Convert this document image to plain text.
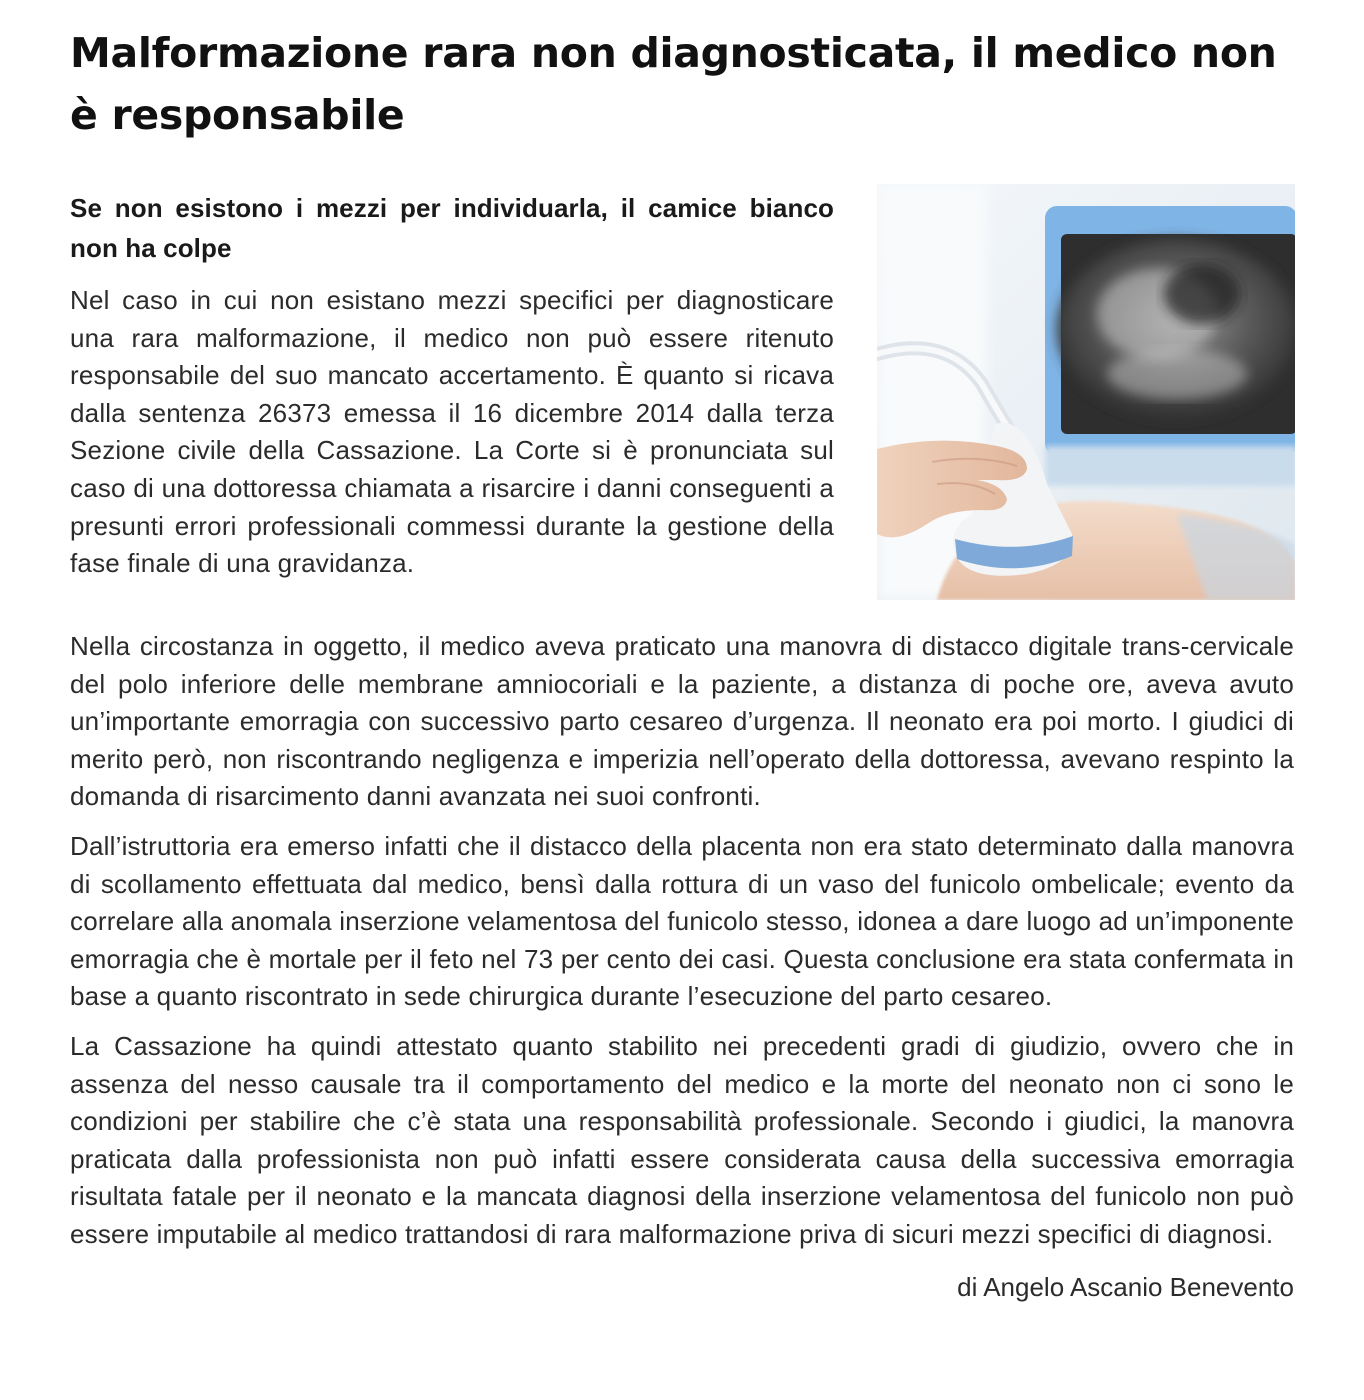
Malformazione rara non diagnosticata, il medico non è responsabile
Se non esistono i mezzi per individuarla, il camice bianco non ha colpe

Nel caso in cui non esistano mezzi specifici per diagnosticare una rara malformazione, il medico non può essere ritenuto responsabile del suo mancato accertamento. È quanto si ricava dalla sentenza 26373 emessa il 16 dicembre 2014 dalla terza Sezione civile della Cassazione. La Corte si è pronunciata sul caso di una dottoressa chiamata a risarcire i danni conseguenti a presunti errori professionali commessi durante la gestione della fase finale di una gravidanza.

Nella circostanza in oggetto, il medico aveva praticato una manovra di distacco digitale trans-cervicale del polo inferiore delle membrane amniocoriali e la paziente, a distanza di poche ore, aveva avuto un’importante emorragia con successivo parto cesareo d’urgenza. Il neonato era poi morto. I giudici di merito però, non riscontrando negligenza e imperizia nell’operato della dottoressa, avevano respinto la domanda di risarcimento danni avanzata nei suoi confronti.

Dall’istruttoria era emerso infatti che il distacco della placenta non era stato determinato dalla manovra di scollamento effettuata dal medico, bensì dalla rottura di un vaso del funicolo ombelicale; evento da correlare alla anomala inserzione velamentosa del funicolo stesso, idonea a dare luogo ad un’imponente emorragia che è mortale per il feto nel 73 per cento dei casi. Questa conclusione era stata confermata in base a quanto riscontrato in sede chirurgica durante l’esecuzione del parto cesareo.

La Cassazione ha quindi attestato quanto stabilito nei precedenti gradi di giudizio, ovvero che in assenza del nesso causale tra il comportamento del medico e la morte del neonato non ci sono le condizioni per stabilire che c’è stata una responsabilità professionale. Secondo i giudici, la manovra praticata dalla professionista non può infatti essere considerata causa della successiva emorragia risultata fatale per il neonato e la mancata diagnosi della inserzione velamentosa del funicolo non può essere imputabile al medico trattandosi di rara malformazione priva di sicuri mezzi specifici di diagnosi.

di Angelo Ascanio Benevento
